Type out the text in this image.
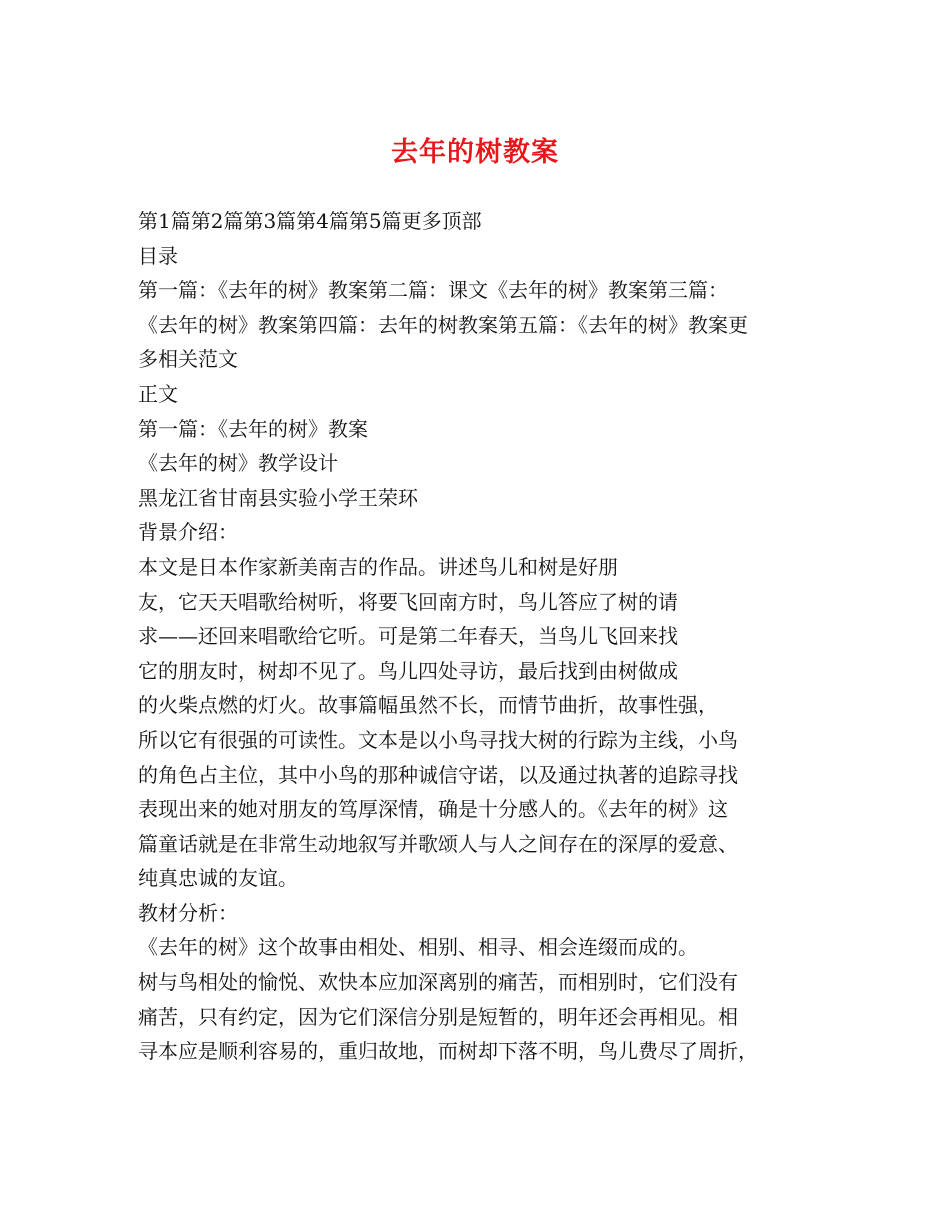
去年的树教案
第1篇第2篇第3篇第4篇第5篇更多顶部
目录
第一篇：《去年的树》教案第二篇：课文《去年的树》教案第三篇：
《去年的树》教案第四篇：去年的树教案第五篇：《去年的树》教案更
多相关范文
正文
第一篇：《去年的树》教案
《去年的树》教学设计
黑龙江省甘南县实验小学王荣环
背景介绍：
本文是日本作家新美南吉的作品。讲述鸟儿和树是好朋
友，它天天唱歌给树听，将要飞回南方时，鸟儿答应了树的请
求——还回来唱歌给它听。可是第二年春天，当鸟儿飞回来找
它的朋友时，树却不见了。鸟儿四处寻访，最后找到由树做成
的火柴点燃的灯火。故事篇幅虽然不长，而情节曲折，故事性强，
所以它有很强的可读性。文本是以小鸟寻找大树的行踪为主线，小鸟
的角色占主位，其中小鸟的那种诚信守诺，以及通过执著的追踪寻找
表现出来的她对朋友的笃厚深情，确是十分感人的。《去年的树》这
篇童话就是在非常生动地叙写并歌颂人与人之间存在的深厚的爱意、
纯真忠诚的友谊。
教材分析：
《去年的树》这个故事由相处、相别、相寻、相会连缀而成的。
树与鸟相处的愉悦、欢快本应加深离别的痛苦，而相别时，它们没有
痛苦，只有约定，因为它们深信分别是短暂的，明年还会再相见。相
寻本应是顺利容易的，重归故地，而树却下落不明，鸟儿费尽了周折，
